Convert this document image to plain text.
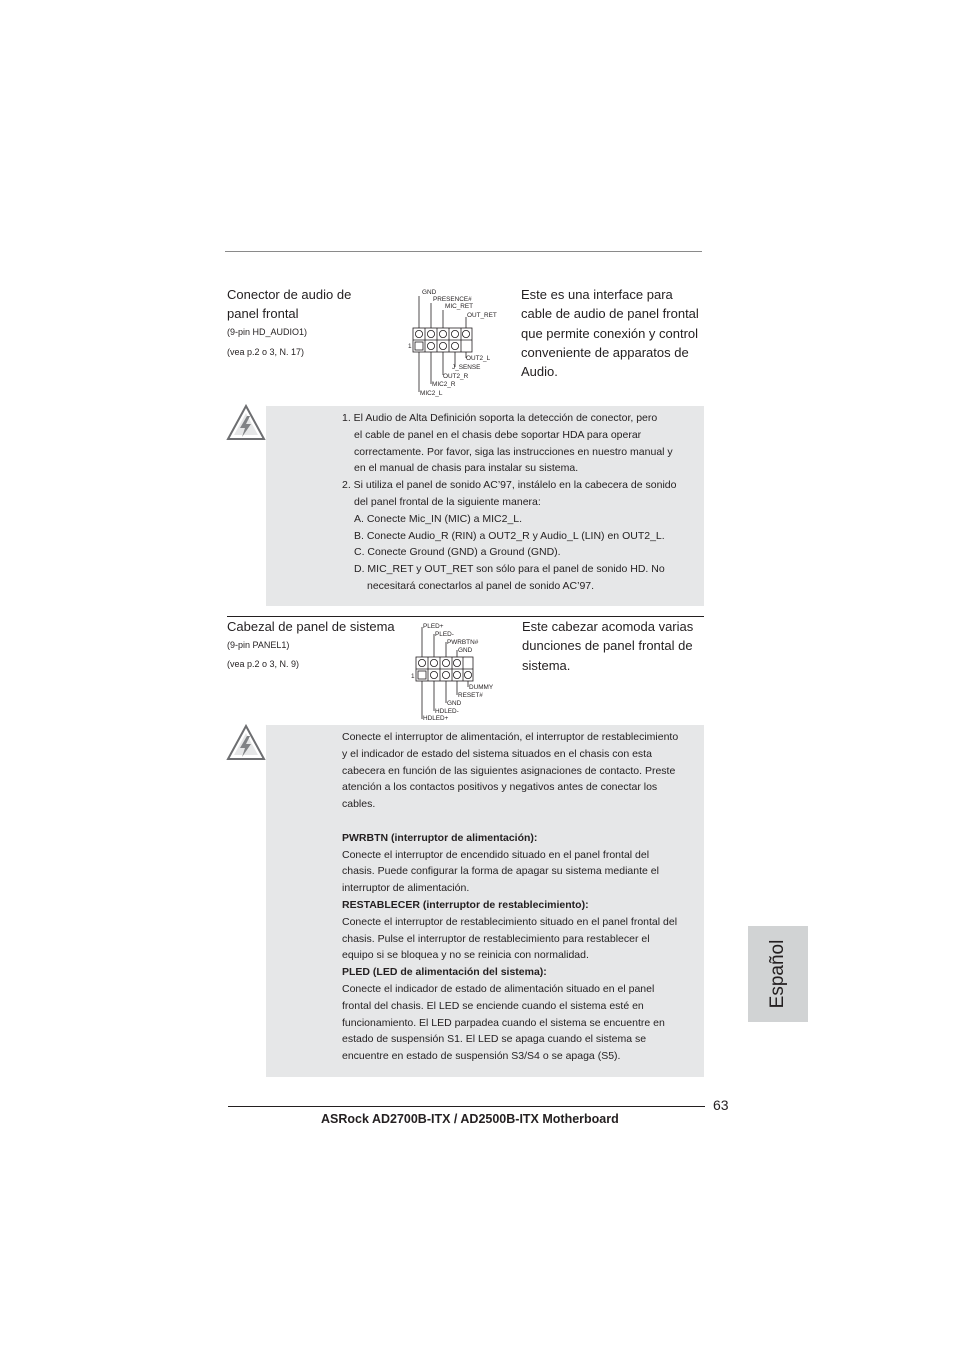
Conector de audio de
panel frontal
(9-pin HD_AUDIO1)
(vea p.2 o 3, N. 17)
GND
PRESENCE#
MIC_RET
OUT_RET
1
OUT2_L
J_SENSE
OUT2_R
MIC2_R
MIC2_L
Este es una interface para
cable de audio de panel frontal
que permite conexión y control
conveniente de apparatos de
Audio.
1. El Audio de Alta Definición soporta la detección de conector, pero
el cable de panel en el chasis debe soportar HDA para operar
correctamente. Por favor, siga las instrucciones en nuestro manual y
en el manual de chasis para instalar su sistema.
2. Si utiliza el panel de sonido AC’97, instálelo en la cabecera de sonido
del panel frontal de la siguiente manera:
A. Conecte Mic_IN (MIC) a MIC2_L.
B. Conecte Audio_R (RIN) a OUT2_R y Audio_L (LIN) en OUT2_L.
C. Conecte Ground (GND) a Ground (GND).
D. MIC_RET y OUT_RET son sólo para el panel de sonido HD. No
necesitará conectarlos al panel de sonido AC’97.
Cabezal de panel de sistema
(9-pin PANEL1)
(vea p.2 o 3, N. 9)
PLED+
PLED-
PWRBTN#
GND
1
DUMMY
RESET#
GND
HDLED-
HDLED+
Este cabezar acomoda varias
dunciones de panel frontal de
sistema.
Conecte el interruptor de alimentación, el interruptor de restablecimiento
y el indicador de estado del sistema situados en el chasis con esta
cabecera en función de las siguientes asignaciones de contacto. Preste
atención a los contactos positivos y negativos antes de conectar los
cables.

PWRBTN (interruptor de alimentación):
Conecte el interruptor de encendido situado en el panel frontal del
chasis. Puede configurar la forma de apagar su sistema mediante el
interruptor de alimentación.
RESTABLECER (interruptor de restablecimiento):
Conecte el interruptor de restablecimiento situado en el panel frontal del
chasis. Pulse el interruptor de restablecimiento para restablecer el
equipo si se bloquea y no se reinicia con normalidad.
PLED (LED de alimentación del sistema):
Conecte el indicador de estado de alimentación situado en el panel
frontal del chasis. El LED se enciende cuando el sistema esté en
funcionamiento. El LED parpadea cuando el sistema se encuentre en
estado de suspensión S1. El LED se apaga cuando el sistema se
encuentre en estado de suspensión S3/S4 o se apaga (S5).
Español
63
ASRock AD2700B-ITX / AD2500B-ITX Motherboard
